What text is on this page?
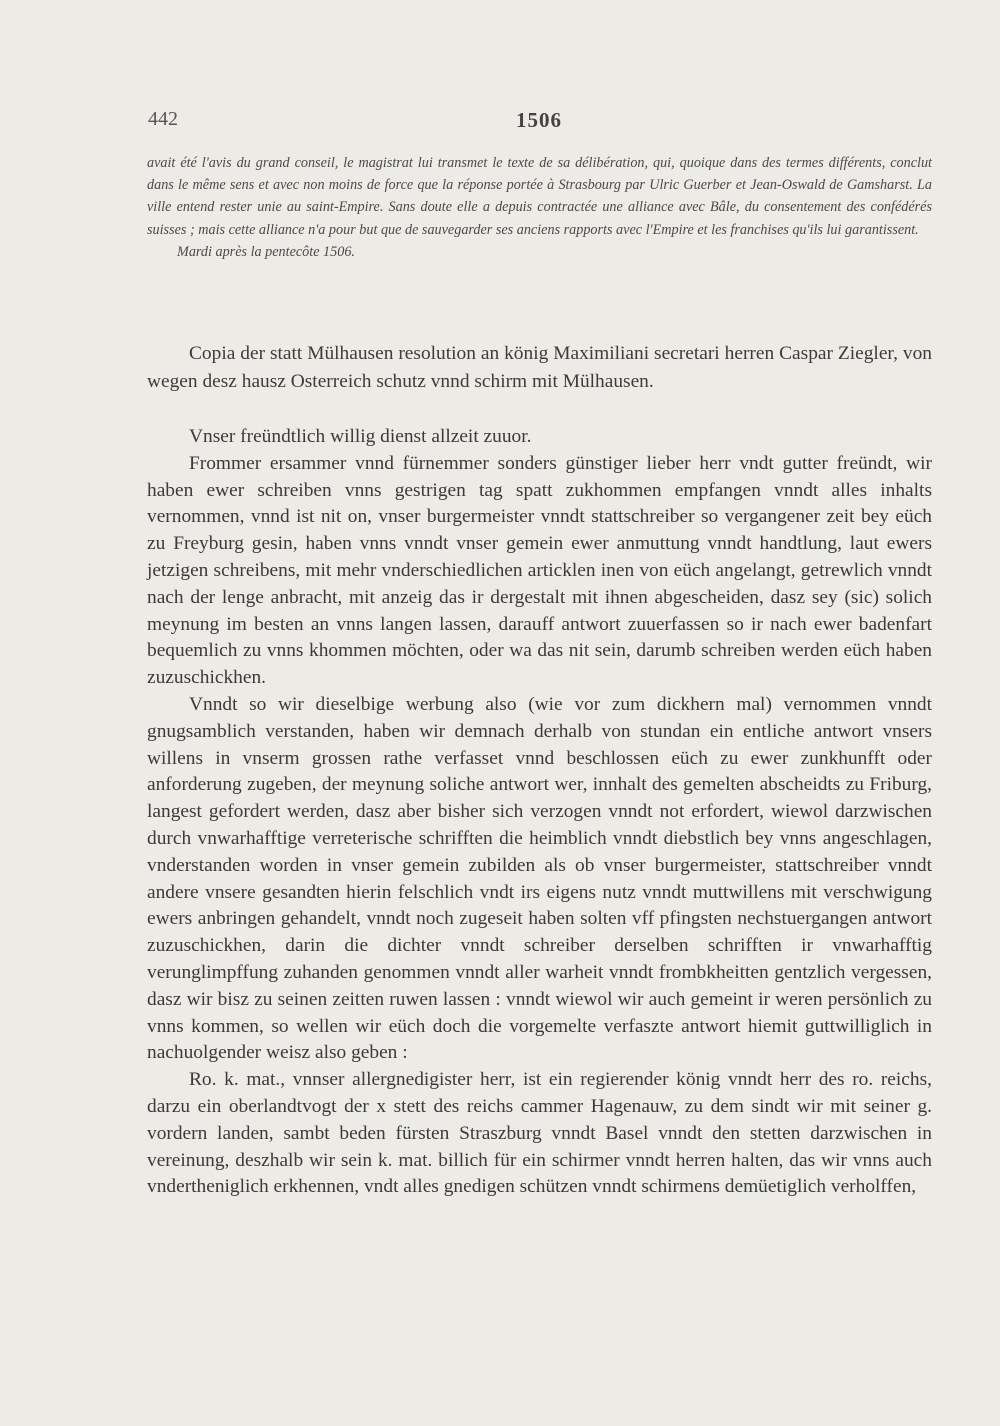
442	1506
avait été l'avis du grand conseil, le magistrat lui transmet le texte de sa délibération, qui, quoique dans des termes différents, conclut dans le même sens et avec non moins de force que la réponse portée à Strasbourg par Ulric Guerber et Jean-Oswald de Gamsharst. La ville entend rester unie au saint-Empire. Sans doute elle a depuis contractée une alliance avec Bâle, du consentement des confédérés suisses ; mais cette alliance n'a pour but que de sauvegarder ses anciens rapports avec l'Empire et les franchises qu'ils lui garantissent.
Mardi après la pentecôte 1506.
Copia der statt Mülhausen resolution an könig Maximiliani secretari herren Caspar Ziegler, von wegen desz hausz Osterreich schutz vnnd schirm mit Mülhausen.

Vnser freündtlich willig dienst allzeit zuuor.

Frommer ersammer vnnd fürnemmer sonders günstiger lieber herr vndt gutter freündt, wir haben ewer schreiben vnns gestrigen tag spatt zukhommen empfangen vnndt alles inhalts vernommen, vnnd ist nit on, vnser burgermeister vnndt stattschreiber so vergangener zeit bey eüch zu Freyburg gesin, haben vnns vnndt vnser gemein ewer anmuttung vnndt handtlung, laut ewers jetzigen schreibens, mit mehr vnderschiedlichen articklen inen von eüch angelangt, getrewlich vnndt nach der lenge anbracht, mit anzeig das ir dergestalt mit ihnen abgescheiden, dasz sey (sic) solich meynung im besten an vnns langen lassen, darauff antwort zuuerfassen so ir nach ewer badenfart bequemlich zu vnns khommen möchten, oder wa das nit sein, darumb schreiben werden eüch haben zuzuschickhen.

Vnndt so wir dieselbige werbung also (wie vor zum dickhern mal) vernommen vnndt gnugsamblich verstanden, haben wir demnach derhalb von stundan ein entliche antwort vnsers willens in vnserm grossen rathe verfasset vnnd beschlossen eüch zu ewer zunkhunfft oder anforderung zugeben, der meynung soliche antwort wer, innhalt des gemelten abscheidts zu Friburg, langest gefordert werden, dasz aber bisher sich verzogen vnndt not erfordert, wiewol darzwischen durch vnwarhafftige verreterische schrifften die heimblich vnndt diebstlich bey vnns angeschlagen, vnderstanden worden in vnser gemein zubilden als ob vnser burgermeister, stattschreiber vnndt andere vnsere gesandten hierin felschlich vndt irs eigens nutz vnndt muttwillens mit verschwigung ewers anbringen gehandelt, vnndt noch zugeseit haben solten vff pfingsten nechstuergangen antwort zuzuschickhen, darin die dichter vnndt schreiber derselben schrifften ir vnwarhafftig verunglimpffung zuhanden genommen vnndt aller warheit vnndt frombkheitten gentzlich vergessen, dasz wir bisz zu seinen zeitten ruwen lassen : vnndt wiewol wir auch gemeint ir weren persönlich zu vnns kommen, so wellen wir eüch doch die vorgemelte verfaszte antwort hiemit guttwilliglich in nachuolgender weisz also geben :

Ro. k. mat., vnnser allergnedigister herr, ist ein regierender könig vnndt herr des ro. reichs, darzu ein oberlandtvogt der x stett des reichs cammer Hagenauw, zu dem sindt wir mit seiner g. vordern landen, sambt beden fürsten Straszburg vnndt Basel vnndt den stetten darzwischen in vereinung, deszhalb wir sein k. mat. billich für ein schirmer vnndt herren halten, das wir vnns auch vndertheniglich erkhennen, vndt alles gnedigen schützen vnndt schirmens demüetiglich verholffen,
